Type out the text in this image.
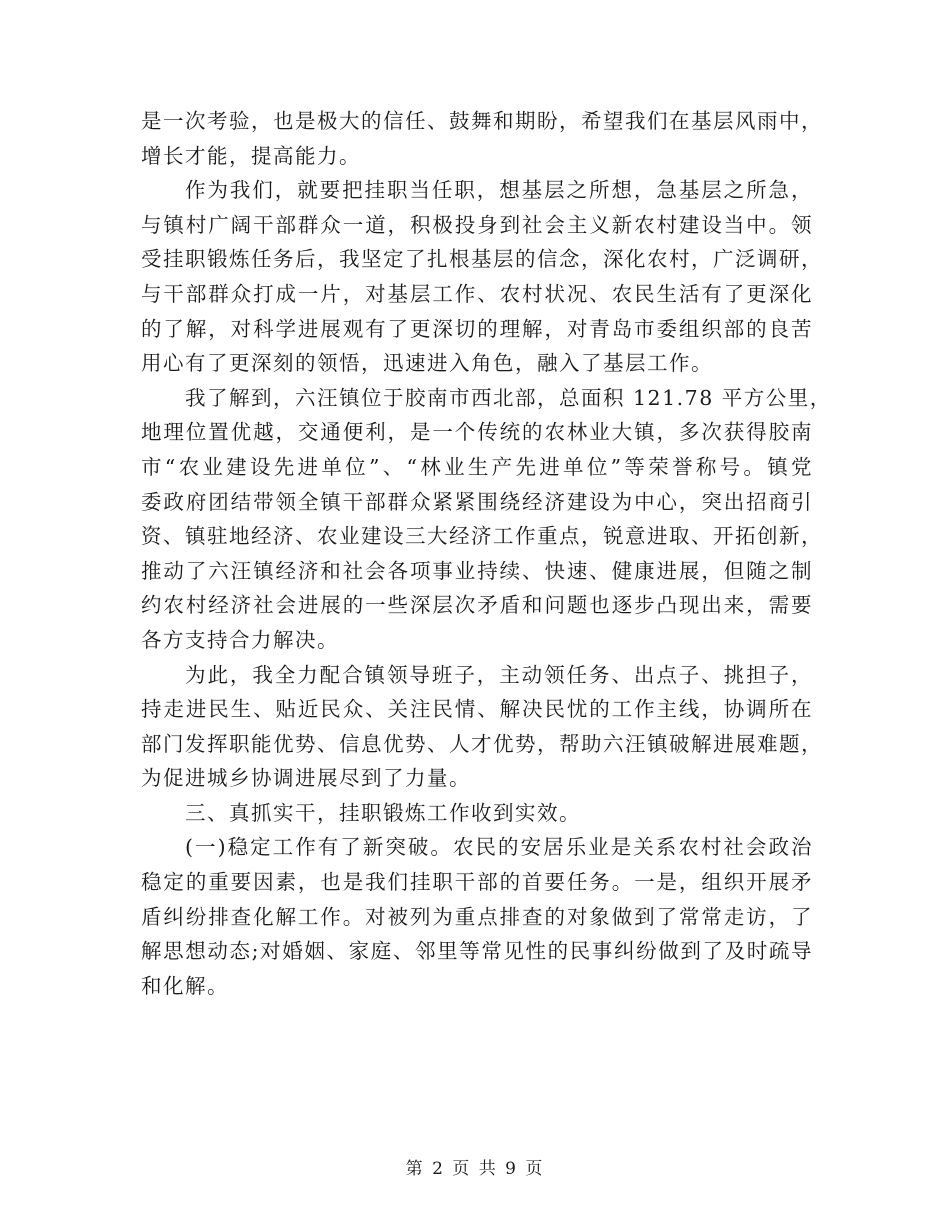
是一次考验，也是极大的信任、鼓舞和期盼，希望我们在基层风雨中，
增长才能，提高能力。
作为我们，就要把挂职当任职，想基层之所想，急基层之所急，
与镇村广阔干部群众一道，积极投身到社会主义新农村建设当中。领
受挂职锻炼任务后，我坚定了扎根基层的信念，深化农村，广泛调研，
与干部群众打成一片，对基层工作、农村状况、农民生活有了更深化
的了解，对科学进展观有了更深切的理解，对青岛市委组织部的良苦
用心有了更深刻的领悟，迅速进入角色，融入了基层工作。
我了解到，六汪镇位于胶南市西北部，总面积 121.78 平方公里，
地理位置优越，交通便利，是一个传统的农林业大镇，多次获得胶南
市“农业建设先进单位”、“林业生产先进单位”等荣誉称号。镇党
委政府团结带领全镇干部群众紧紧围绕经济建设为中心，突出招商引
资、镇驻地经济、农业建设三大经济工作重点，锐意进取、开拓创新，
推动了六汪镇经济和社会各项事业持续、快速、健康进展，但随之制
约农村经济社会进展的一些深层次矛盾和问题也逐步凸现出来，需要
各方支持合力解决。
为此，我全力配合镇领导班子，主动领任务、出点子、挑担子，
持走进民生、贴近民众、关注民情、解决民忧的工作主线，协调所在
部门发挥职能优势、信息优势、人才优势，帮助六汪镇破解进展难题，
为促进城乡协调进展尽到了力量。
三、真抓实干，挂职锻炼工作收到实效。
(一)稳定工作有了新突破。农民的安居乐业是关系农村社会政治
稳定的重要因素，也是我们挂职干部的首要任务。一是，组织开展矛
盾纠纷排查化解工作。对被列为重点排查的对象做到了常常走访，了
解思想动态;对婚姻、家庭、邻里等常见性的民事纠纷做到了及时疏导
和化解。
第 2 页 共 9 页
